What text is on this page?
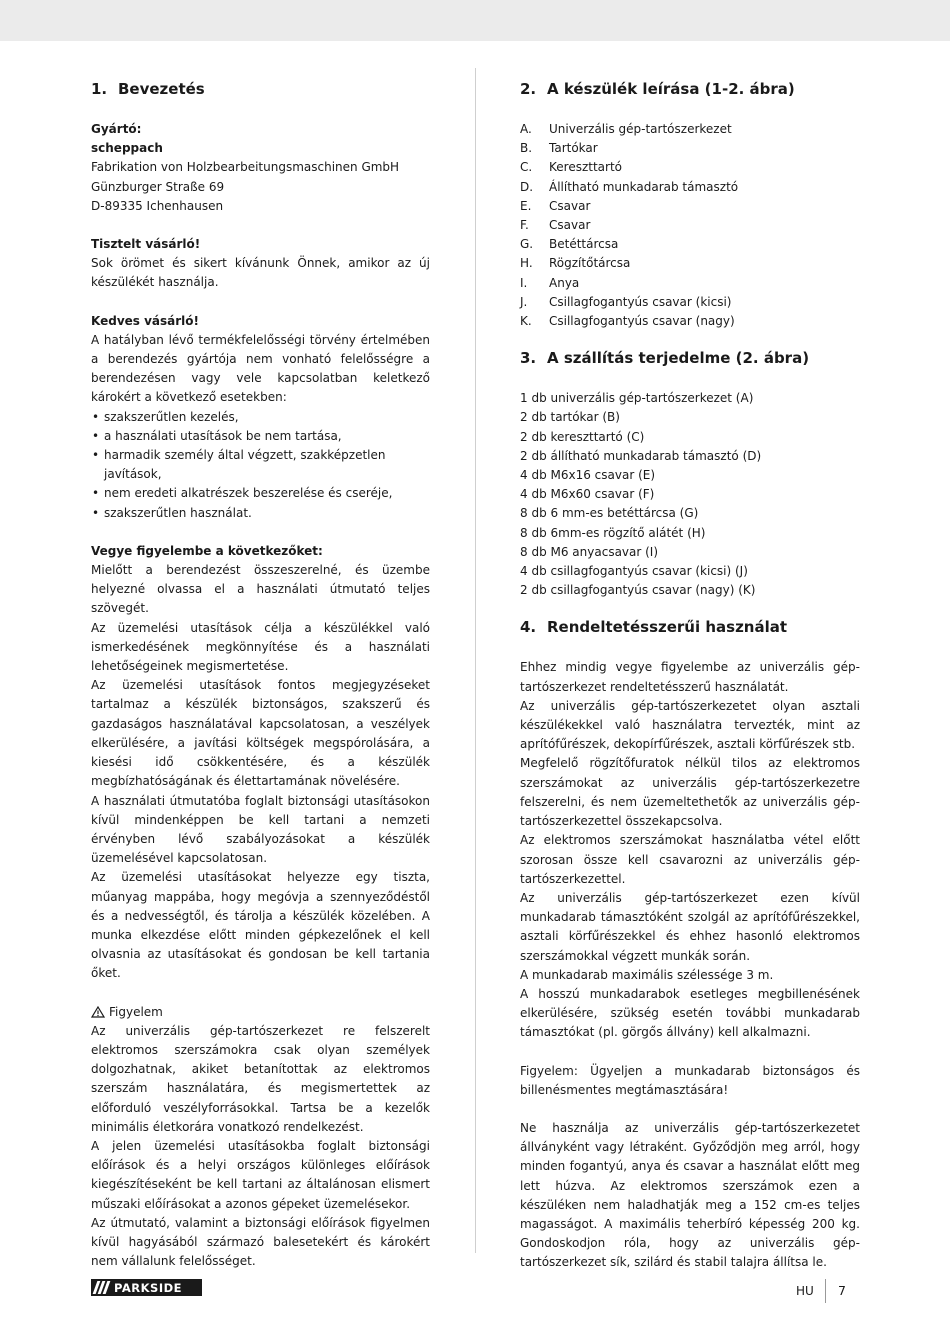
1. Bevezetés

Gyártó:

scheppach

Fabrikation von Holzbearbeitungsmaschinen GmbH
Günzburger Straße 69
D-89335 Ichenhausen

Tisztelt vásárló!

Sok örömet és sikert kívánunk Önnek, amikor az új készülékét használja.

Kedves vásárló!

A hatályban lévő termékfelelősségi törvény értelmében a berendezés gyártója nem vonható felelősségre a berendezésen vagy vele kapcsolatban keletkező károkért a következő esetekben:

• szakszerűtlen kezelés,
• a használati utasítások be nem tartása,
• harmadik személy által végzett, szakképzetlen javítások,
• nem eredeti alkatrészek beszerelése és cseréje,
• szakszerűtlen használat.

Vegye figyelembe a következőket:

Mielőtt a berendezést összeszerelné, és üzembe helyezné olvassa el a használati útmutató teljes szövegét.

Az üzemelési utasítások célja a készülékkel való ismerkedésének megkönnyítése és a használati lehetőségeinek megismertetése.

Az üzemelési utasítások fontos megjegyzéseket tartalmaz a készülék biztonságos, szakszerű és gazdaságos használatával kapcsolatosan, a veszélyek elkerülésére, a javítási költségek megspórolására, a kiesési idő csökkentésére, és a készülék megbízhatóságának és élettartamának növelésére.

A használati útmutatóba foglalt biztonsági utasításokon kívül mindenképpen be kell tartani a nemzeti érvényben lévő szabályozásokat a készülék üzemelésével kapcsolatosan.

Az üzemelési utasításokat helyezze egy tiszta, műanyag mappába, hogy megóvja a szennyeződéstől és a nedvességtől, és tárolja a készülék közelében. A munka elkezdése előtt minden gépkezelőnek el kell olvasnia az utasításokat és gondosan be kell tartania őket.

Figyelem

Az univerzális gép-tartószerkezet re felszerelt elektromos szerszámokra csak olyan személyek dolgozhatnak, akiket betanítottak az elektromos szerszám használatára, és megismertettek az előforduló veszélyforrásokkal. Tartsa be a kezelők minimális életkorára vonatkozó rendelkezést.

A jelen üzemelési utasításokba foglalt biztonsági előírások és a helyi országos különleges előírások kiegészítéseként be kell tartani az általánosan elismert műszaki előírásokat a azonos gépeket üzemelésekor.

Az útmutató, valamint a biztonsági előírások figyelmen kívül hagyásából származó balesetekért és károkért nem vállalunk felelősséget.

2. A készülék leírása (1-2. ábra)
A.	Univerzális gép-tartószerkezet
B.	Tartókar
C.	Kereszttartó
D.	Állítható munkadarab támasztó
E.	Csavar
F.	Csavar
G.	Betéttárcsa
H.	Rögzítőtárcsa
I.	Anya
J.	Csillagfogantyús csavar (kicsi)
K.	Csillagfogantyús csavar (nagy)
3. A szállítás terjedelme (2. ábra)
1 db univerzális gép-tartószerkezet (A)
2 db tartókar (B)
2 db kereszttartó (C)
2 db állítható munkadarab támasztó (D)
4 db M6x16 csavar (E)
4 db M6x60 csavar (F)
8 db 6 mm-es betéttárcsa (G)
8 db 6mm-es rögzítő alátét (H)
8 db M6 anyacsavar (I)
4 db csillagfogantyús csavar (kicsi) (J)
2 db csillagfogantyús csavar (nagy) (K)
4. Rendeltetésszerűi használat

Ehhez mindig vegye figyelembe az univerzális gép-tartószerkezet rendeltetésszerű használatát.

Az univerzális gép-tartószerkezetet olyan asztali készülékekkel való használatra tervezték, mint az aprítófűrészek, dekopírfűrészek, asztali körfűrészek stb.

Megfelelő rögzítőfuratok nélkül tilos az elektromos szerszámokat az univerzális gép-tartószerkezetre felszerelni, és nem üzemeltethetők az univerzális gép-tartószerkezettel összekapcsolva.

Az elektromos szerszámokat használatba vétel előtt szorosan össze kell csavarozni az univerzális gép-tartószerkezettel.

Az univerzális gép-tartószerkezet ezen kívül munkadarab támasztóként szolgál az aprítófűrészekkel, asztali körfűrészekkel és ehhez hasonló elektromos szerszámokkal végzett munkák során.

A munkadarab maximális szélessége 3 m.

A hosszú munkadarabok esetleges megbillenésének elkerülésére, szükség esetén további munkadarab támasztókat (pl. görgős állvány) kell alkalmazni.

Figyelem: Ügyeljen a munkadarab biztonságos és billenésmentes megtámasztására!

Ne használja az univerzális gép-tartószerkezetet állványként vagy létraként. Győződjön meg arról, hogy minden fogantyú, anya és csavar a használat előtt meg lett húzva. Az elektromos szerszámok ezen a készüléken nem haladhatják meg a 152 cm-es teljes magasságot. A maximális teherbíró képesség 200 kg. Gondoskodjon róla, hogy az univerzális gép-tartószerkezet sík, szilárd és stabil talajra állítsa le.

PARKSIDE	HU 7
